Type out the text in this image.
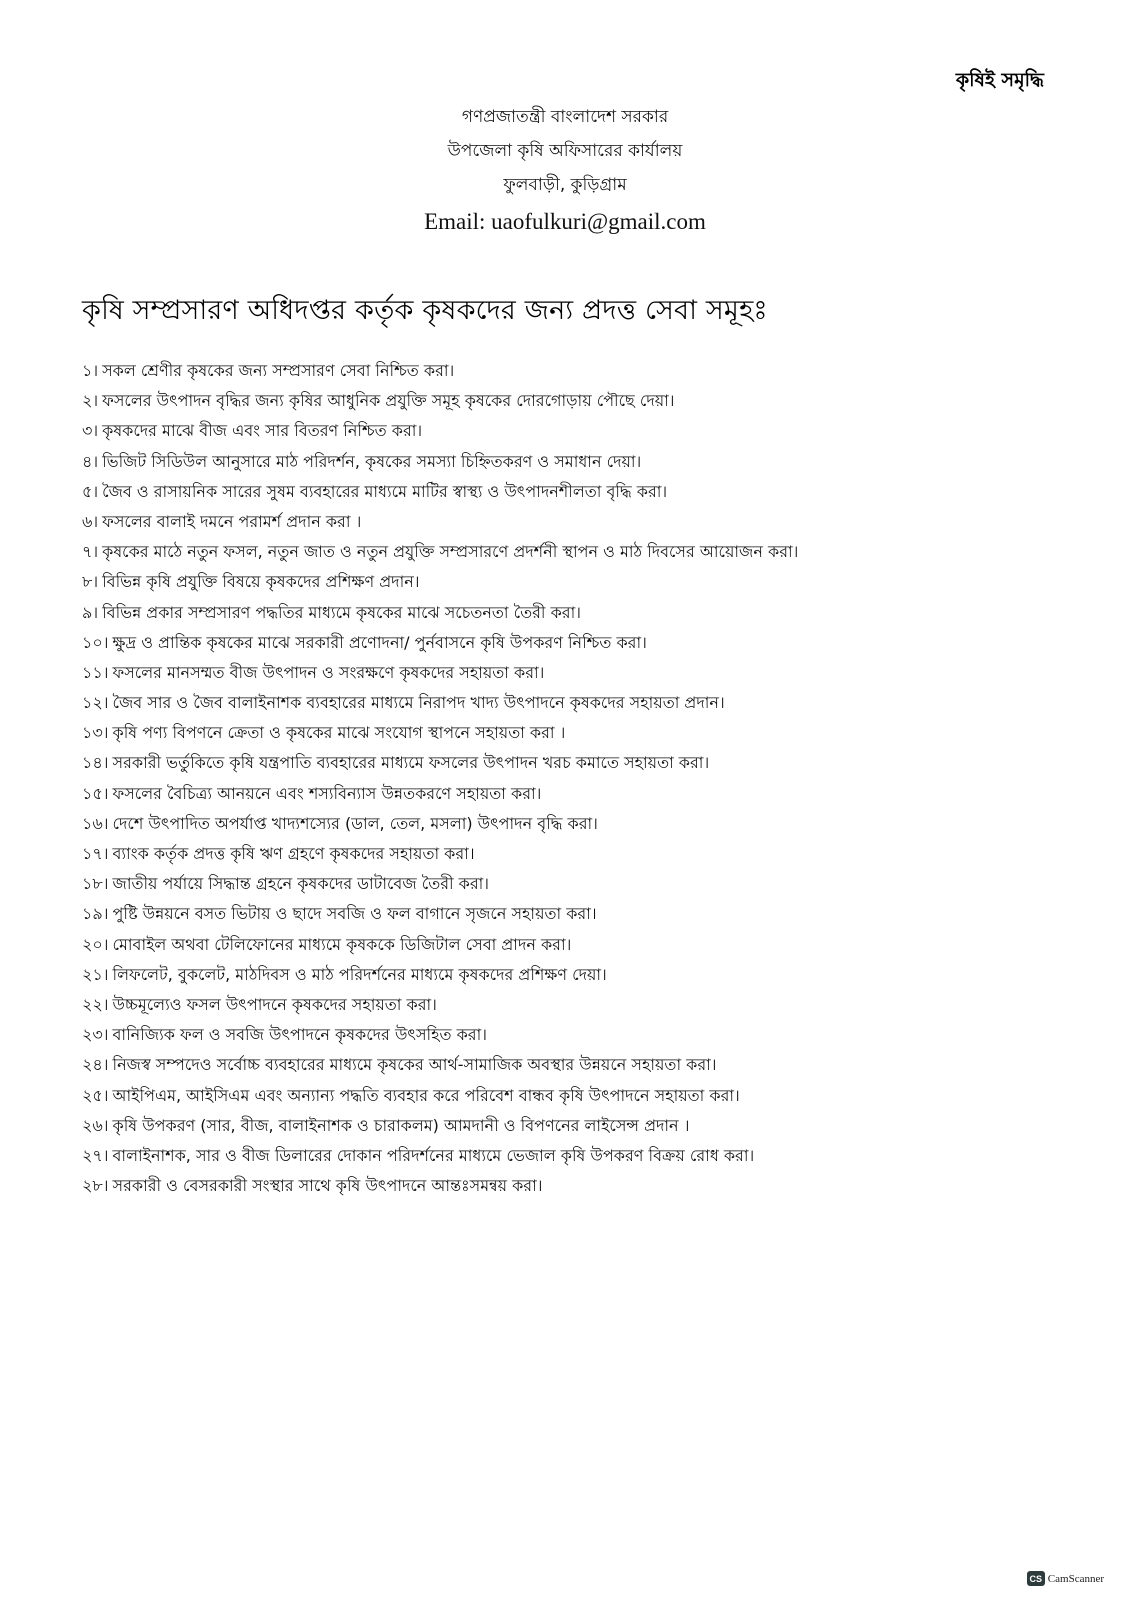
কৃষিই সমৃদ্ধি
গণপ্রজাতন্ত্রী বাংলাদেশ সরকার
উপজেলা কৃষি অফিসারের কার্যালয়
ফুলবাড়ী, কুড়িগ্রাম
Email: uaofulkuri@gmail.com
কৃষি সম্প্রসারণ অধিদপ্তর কর্তৃক কৃষকদের জন্য প্রদত্ত সেবা সমূহঃ
১। সকল শ্রেণীর কৃষকের জন্য সম্প্রসারণ সেবা নিশ্চিত করা।
২। ফসলের উৎপাদন বৃদ্ধির জন্য কৃষির আধুনিক প্রযুক্তি সমূহ কৃষকের দোরগোড়ায় পৌছে দেয়া।
৩। কৃষকদের মাঝে বীজ এবং সার বিতরণ নিশ্চিত করা।
৪। ভিজিট সিডিউল আনুসারে মাঠ পরিদর্শন, কৃষকের সমস্যা চিহ্নিতকরণ ও সমাধান দেয়া।
৫। জৈব ও রাসায়নিক সারের সুষম ব্যবহারের মাধ্যমে মাটির স্বাস্থ্য ও উৎপাদনশীলতা বৃদ্ধি করা।
৬। ফসলের বালাই দমনে পরামর্শ প্রদান করা ।
৭। কৃষকের মাঠে নতুন ফসল, নতুন জাত ও নতুন প্রযুক্তি সম্প্রসারণে প্রদর্শনী স্থাপন ও মাঠ দিবসের আয়োজন করা।
৮। বিভিন্ন কৃষি প্রযুক্তি বিষয়ে কৃষকদের প্রশিক্ষণ প্রদান।
৯। বিভিন্ন প্রকার সম্প্রসারণ পদ্ধতির মাধ্যমে কৃষকের মাঝে সচেতনতা তৈরী করা।
১০। ক্ষুদ্র ও প্রান্তিক কৃষকের মাঝে সরকারী প্রণোদনা/ পুর্নবাসনে কৃষি উপকরণ নিশ্চিত করা।
১১। ফসলের মানসম্মত বীজ উৎপাদন ও সংরক্ষণে কৃষকদের সহায়তা করা।
১২। জৈব সার ও জৈব বালাইনাশক ব্যবহারের মাধ্যমে নিরাপদ খাদ্য উৎপাদনে কৃষকদের সহায়তা প্রদান।
১৩। কৃষি পণ্য বিপণনে ক্রেতা ও কৃষকের মাঝে সংযোগ স্থাপনে সহায়তা করা ।
১৪। সরকারী ভর্তুকিতে কৃষি যন্ত্রপাতি ব্যবহারের মাধ্যমে ফসলের উৎপাদন খরচ কমাতে সহায়তা করা।
১৫। ফসলের বৈচিত্র্য আনয়নে এবং শস্যবিন্যাস উন্নতকরণে সহায়তা করা।
১৬। দেশে উৎপাদিত অপর্যাপ্ত খাদ্যশস্যের (ডাল, তেল, মসলা) উৎপাদন বৃদ্ধি করা।
১৭। ব্যাংক কর্তৃক প্রদত্ত কৃষি ঋণ গ্রহণে কৃষকদের সহায়তা করা।
১৮। জাতীয় পর্যায়ে সিদ্ধান্ত গ্রহনে কৃষকদের ডাটাবেজ তৈরী করা।
১৯। পুষ্টি উন্নয়নে বসত ভিটায় ও ছাদে সবজি ও ফল বাগানে সৃজনে সহায়তা করা।
২০। মোবাইল অথবা টেলিফোনের মাধ্যমে কৃষককে ডিজিটাল সেবা প্রাদন করা।
২১। লিফলেট, বুকলেট, মাঠদিবস ও মাঠ পরিদর্শনের মাধ্যমে কৃষকদের প্রশিক্ষণ দেয়া।
২২। উচ্চমূল্যেও ফসল উৎপাদনে কৃষকদের সহায়তা করা।
২৩। বানিজ্যিক ফল ও সবজি উৎপাদনে কৃষকদের উৎসহিত করা।
২৪। নিজস্ব সম্পদেও সর্বোচ্চ ব্যবহারের মাধ্যমে কৃষকের আর্থ-সামাজিক অবস্থার উন্নয়নে সহায়তা করা।
২৫। আইপিএম, আইসিএম এবং অন্যান্য পদ্ধতি ব্যবহার করে পরিবেশ বান্ধব কৃষি উৎপাদনে সহায়তা করা।
২৬। কৃষি উপকরণ (সার, বীজ, বালাইনাশক ও চারাকলম) আমদানী ও বিপণনের লাইসেন্স প্রদান ।
২৭। বালাইনাশক, সার ও বীজ ডিলারের দোকান পরিদর্শনের মাধ্যমে ভেজাল কৃষি উপকরণ বিক্রয় রোধ করা।
২৮। সরকারী ও বেসরকারী সংস্থার সাথে কৃষি উৎপাদনে আন্তঃসমন্বয় করা।
CS CamScanner
